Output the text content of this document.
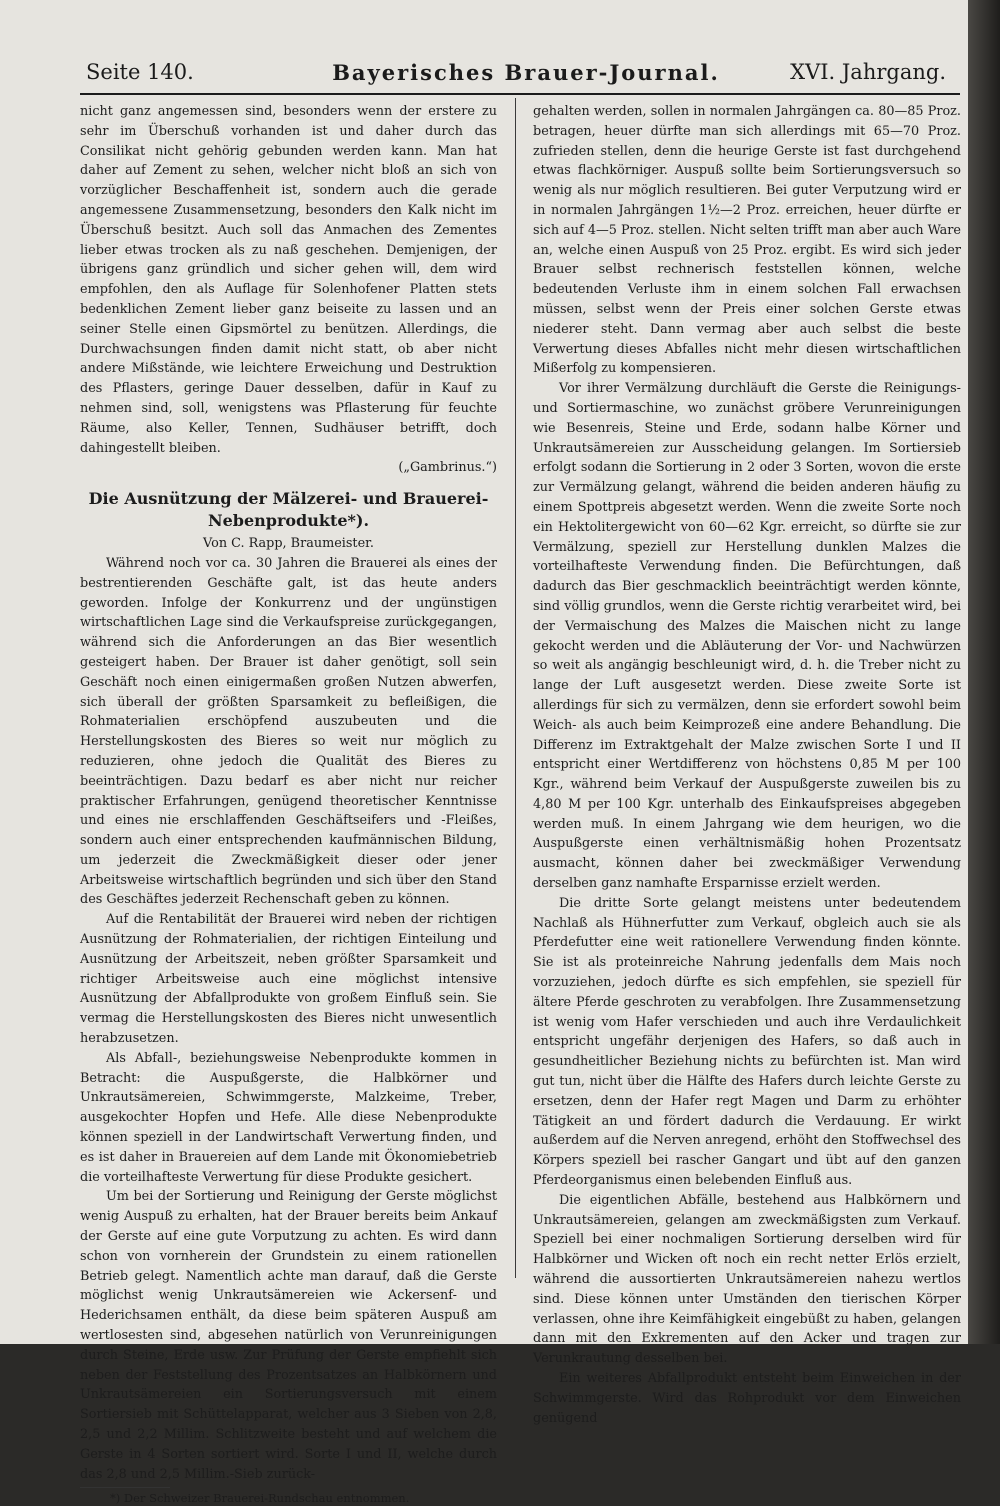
Seite 140.	Bayerisches Brauer-Journal.	XVI. Jahrgang.

nicht ganz angemessen sind, besonders wenn der erstere zu sehr im Überschuß vorhanden ist und daher durch das Consilikat nicht gehörig gebunden werden kann. Man hat daher auf Zement zu sehen, welcher nicht bloß an sich von vorzüglicher Beschaffenheit ist, sondern auch die gerade angemessene Zusammensetzung, besonders den Kalk nicht im Überschuß besitzt. Auch soll das Anmachen des Zementes lieber etwas trocken als zu naß geschehen. Demjenigen, der übrigens ganz gründlich und sicher gehen will, dem wird empfohlen, den als Auflage für Solenhofener Platten stets bedenklichen Zement lieber ganz beiseite zu lassen und an seiner Stelle einen Gipsmörtel zu benützen. Allerdings, die Durchwachsungen finden damit nicht statt, ob aber nicht andere Mißstände, wie leichtere Erweichung und Destruktion des Pflasters, geringe Dauer desselben, dafür in Kauf zu nehmen sind, soll, wenigstens was Pflasterung für feuchte Räume, also Keller, Tennen, Sudhäuser betrifft, doch dahingestellt bleiben.

(„Gambrinus.“)

Die Ausnützung der Mälzerei- und Brauerei-Nebenprodukte*).

Von C. Rapp, Braumeister.

Während noch vor ca. 30 Jahren die Brauerei als eines der bestrentierenden Geschäfte galt, ist das heute anders geworden. Infolge der Konkurrenz und der ungünstigen wirtschaftlichen Lage sind die Verkaufspreise zurückgegangen, während sich die Anforderungen an das Bier wesentlich gesteigert haben. Der Brauer ist daher genötigt, soll sein Geschäft noch einen einigermaßen großen Nutzen abwerfen, sich überall der größten Sparsamkeit zu befleißigen, die Rohmaterialien erschöpfend auszubeuten und die Herstellungskosten des Bieres so weit nur möglich zu reduzieren, ohne jedoch die Qualität des Bieres zu beeinträchtigen. Dazu bedarf es aber nicht nur reicher praktischer Erfahrungen, genügend theoretischer Kenntnisse und eines nie erschlaffenden Geschäftseifers und -Fleißes, sondern auch einer entsprechenden kaufmännischen Bildung, um jederzeit die Zweckmäßigkeit dieser oder jener Arbeitsweise wirtschaftlich begründen und sich über den Stand des Geschäftes jederzeit Rechenschaft geben zu können.

Auf die Rentabilität der Brauerei wird neben der richtigen Ausnützung der Rohmaterialien, der richtigen Einteilung und Ausnützung der Arbeitszeit, neben größter Sparsamkeit und richtiger Arbeitsweise auch eine möglichst intensive Ausnützung der Abfallprodukte von großem Einfluß sein. Sie vermag die Herstellungskosten des Bieres nicht unwesentlich herabzusetzen.

Als Abfall-, beziehungsweise Nebenprodukte kommen in Betracht: die Auspußgerste, die Halbkörner und Unkrautsämereien, Schwimmgerste, Malzkeime, Treber, ausgekochter Hopfen und Hefe. Alle diese Nebenprodukte können speziell in der Landwirtschaft Verwertung finden, und es ist daher in Brauereien auf dem Lande mit Ökonomiebetrieb die vorteilhafteste Verwertung für diese Produkte gesichert.

Um bei der Sortierung und Reinigung der Gerste möglichst wenig Auspuß zu erhalten, hat der Brauer bereits beim Ankauf der Gerste auf eine gute Vorputzung zu achten. Es wird dann schon von vornherein der Grundstein zu einem rationellen Betrieb gelegt. Namentlich achte man darauf, daß die Gerste möglichst wenig Unkrautsämereien wie Ackersenf- und Hederichsamen enthält, da diese beim späteren Auspuß am wertlosesten sind, abgesehen natürlich von Verunreinigungen durch Steine, Erde usw. Zur Prüfung der Gerste empfiehlt sich neben der Feststellung des Prozentsatzes an Halbkörnern und Unkrautsämereien ein Sortierungsversuch mit einem Sortiersieb mit Schüttelapparat, welcher aus 3 Sieben von 2,8, 2,5 und 2,2 Millim. Schlitzweite besteht und auf welchem die Gerste in 4 Sorten sortiert wird. Sorte I und II, welche durch das 2,8 und 2,5 Millim.-Sieb zurück-

*) Der Schweizer Brauerei-Rundschau entnommen.

gehalten werden, sollen in normalen Jahrgängen ca. 80—85 Proz. betragen, heuer dürfte man sich allerdings mit 65—70 Proz. zufrieden stellen, denn die heurige Gerste ist fast durchgehend etwas flachkörniger. Auspuß sollte beim Sortierungsversuch so wenig als nur möglich resultieren. Bei guter Verputzung wird er in normalen Jahrgängen 1½—2 Proz. erreichen, heuer dürfte er sich auf 4—5 Proz. stellen. Nicht selten trifft man aber auch Ware an, welche einen Auspuß von 25 Proz. ergibt. Es wird sich jeder Brauer selbst rechnerisch feststellen können, welche bedeutenden Verluste ihm in einem solchen Fall erwachsen müssen, selbst wenn der Preis einer solchen Gerste etwas niederer steht. Dann vermag aber auch selbst die beste Verwertung dieses Abfalles nicht mehr diesen wirtschaftlichen Mißerfolg zu kompensieren.

Vor ihrer Vermälzung durchläuft die Gerste die Reinigungs- und Sortiermaschine, wo zunächst gröbere Verunreinigungen wie Besenreis, Steine und Erde, sodann halbe Körner und Unkrautsämereien zur Ausscheidung gelangen. Im Sortiersieb erfolgt sodann die Sortierung in 2 oder 3 Sorten, wovon die erste zur Vermälzung gelangt, während die beiden anderen häufig zu einem Spottpreis abgesetzt werden. Wenn die zweite Sorte noch ein Hektolitergewicht von 60—62 Kgr. erreicht, so dürfte sie zur Vermälzung, speziell zur Herstellung dunklen Malzes die vorteilhafteste Verwendung finden. Die Befürchtungen, daß dadurch das Bier geschmacklich beeinträchtigt werden könnte, sind völlig grundlos, wenn die Gerste richtig verarbeitet wird, bei der Vermaischung des Malzes die Maischen nicht zu lange gekocht werden und die Abläuterung der Vor- und Nachwürzen so weit als angängig beschleunigt wird, d. h. die Treber nicht zu lange der Luft ausgesetzt werden. Diese zweite Sorte ist allerdings für sich zu vermälzen, denn sie erfordert sowohl beim Weich- als auch beim Keimprozeß eine andere Behandlung. Die Differenz im Extraktgehalt der Malze zwischen Sorte I und II entspricht einer Wertdifferenz von höchstens 0,85 M per 100 Kgr., während beim Verkauf der Auspußgerste zuweilen bis zu 4,80 M per 100 Kgr. unterhalb des Einkaufspreises abgegeben werden muß. In einem Jahrgang wie dem heurigen, wo die Auspußgerste einen verhältnismäßig hohen Prozentsatz ausmacht, können daher bei zweckmäßiger Verwendung derselben ganz namhafte Ersparnisse erzielt werden.

Die dritte Sorte gelangt meistens unter bedeutendem Nachlaß als Hühnerfutter zum Verkauf, obgleich auch sie als Pferdefutter eine weit rationellere Verwendung finden könnte. Sie ist als proteinreiche Nahrung jedenfalls dem Mais noch vorzuziehen, jedoch dürfte es sich empfehlen, sie speziell für ältere Pferde geschroten zu verabfolgen. Ihre Zusammensetzung ist wenig vom Hafer verschieden und auch ihre Verdaulichkeit entspricht ungefähr derjenigen des Hafers, so daß auch in gesundheitlicher Beziehung nichts zu befürchten ist. Man wird gut tun, nicht über die Hälfte des Hafers durch leichte Gerste zu ersetzen, denn der Hafer regt Magen und Darm zu erhöhter Tätigkeit an und fördert dadurch die Verdauung. Er wirkt außerdem auf die Nerven anregend, erhöht den Stoffwechsel des Körpers speziell bei rascher Gangart und übt auf den ganzen Pferdeorganismus einen belebenden Einfluß aus.

Die eigentlichen Abfälle, bestehend aus Halbkörnern und Unkrautsämereien, gelangen am zweckmäßigsten zum Verkauf. Speziell bei einer nochmaligen Sortierung derselben wird für Halbkörner und Wicken oft noch ein recht netter Erlös erzielt, während die aussortierten Unkrautsämereien nahezu wertlos sind. Diese können unter Umständen den tierischen Körper verlassen, ohne ihre Keimfähigkeit eingebüßt zu haben, gelangen dann mit den Exkrementen auf den Acker und tragen zur Verunkrautung desselben bei.

Ein weiteres Abfallprodukt entsteht beim Einweichen in der Schwimmgerste. Wird das Rohprodukt vor dem Einweichen genügend
